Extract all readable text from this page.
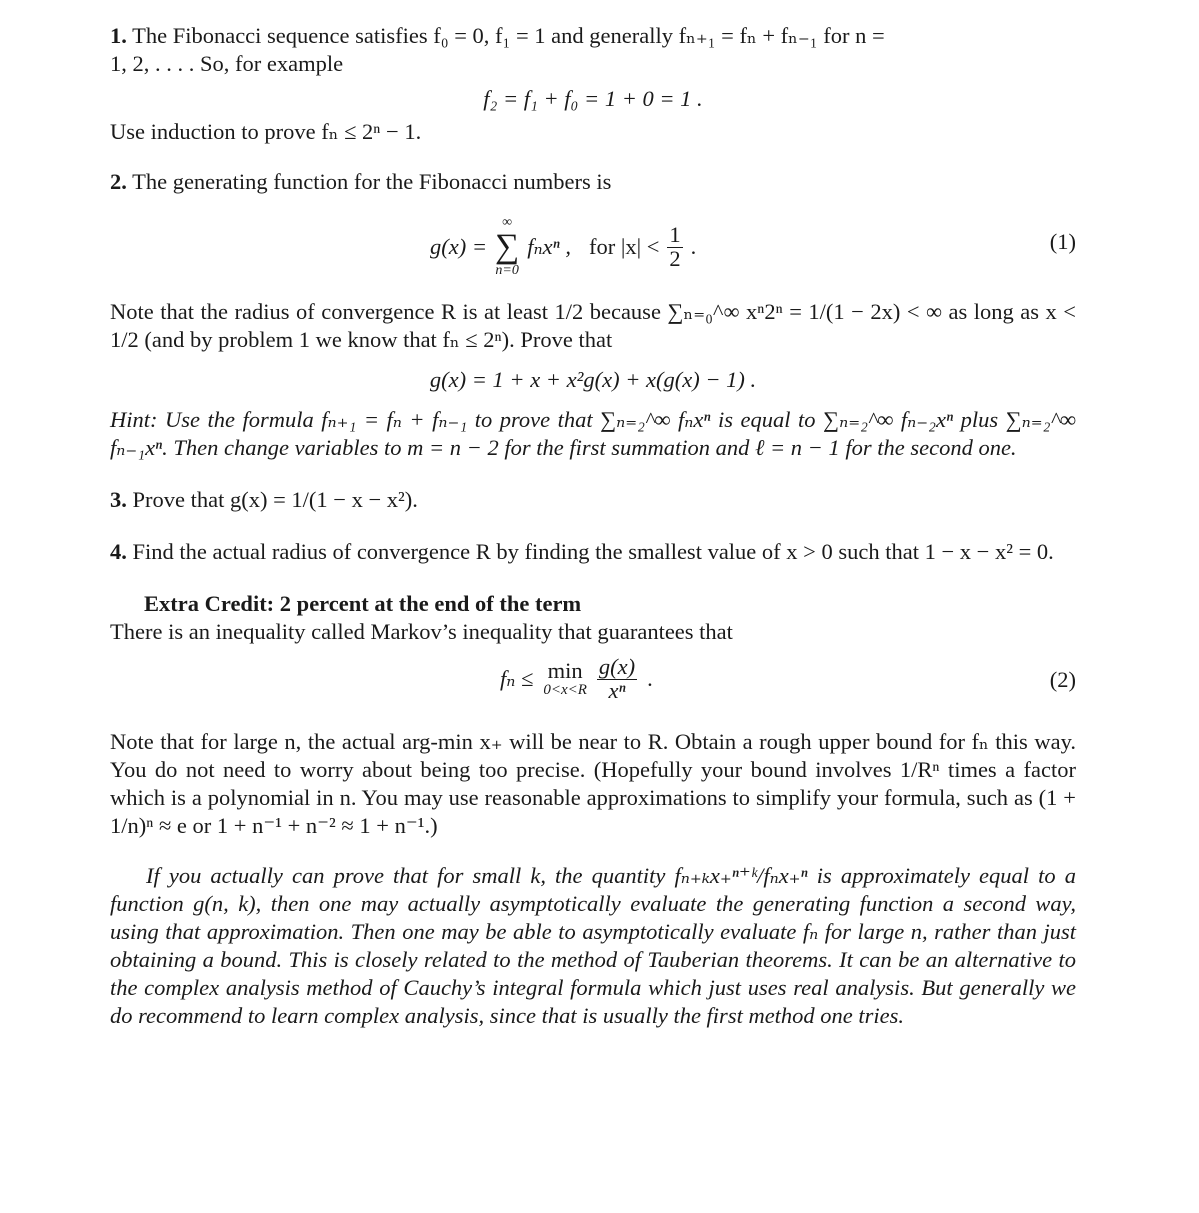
1. The Fibonacci sequence satisfies f₀ = 0, f₁ = 1 and generally fₙ₊₁ = fₙ + fₙ₋₁ for n =
1, 2, . . . . So, for example

f₂ = f₁ + f₀ = 1 + 0 = 1 .

Use induction to prove fₙ ≤ 2ⁿ − 1.

2. The generating function for the Fibonacci numbers is

g(x) =
∞
∑
n=0
fₙxⁿ , for $|x| < \frac{1}{2}$ .	(1)

Note that the radius of convergence R is at least 1/2 because ∑ₙ₌₀^∞ xⁿ2ⁿ = 1/(1 − 2x) < ∞ as long as x < 1/2 (and by problem 1 we know that fₙ ≤ 2ⁿ). Prove that

g(x) = 1 + x + x²g(x) + x(g(x) − 1) .

Hint: Use the formula fₙ₊₁ = fₙ + fₙ₋₁ to prove that ∑ₙ₌₂^∞ fₙxⁿ is equal to ∑ₙ₌₂^∞ fₙ₋₂xⁿ plus ∑ₙ₌₂^∞ fₙ₋₁xⁿ. Then change variables to m = n − 2 for the first summation and ℓ = n − 1 for the second one.

3. Prove that g(x) = 1/(1 − x − x²).

4. Find the actual radius of convergence R by finding the smallest value of x > 0 such that 1 − x − x² = 0.

Extra Credit: 2 percent at the end of the term

There is an inequality called Markov’s inequality that guarantees that

fₙ ≤ min
$0<x<R \frac{g(x)}{\text{xⁿ}}$ .	(2)

Note that for large n, the actual arg-min x₊ will be near to R. Obtain a rough upper bound for fₙ this way. You do not need to worry about being too precise. (Hopefully your bound involves 1/Rⁿ times a factor which is a polynomial in n. You may use reasonable approximations to simplify your formula, such as (1 + 1/n)ⁿ ≈ e or 1 + n⁻¹ + n⁻² ≈ 1 + n⁻¹.)

If you actually can prove that for small k, the quantity fₙ₊ₖx₊ⁿ⁺ᵏ/fₙx₊ⁿ is approximately equal to a function g(n, k), then one may actually asymptotically evaluate the generating function a second way, using that approximation. Then one may be able to asymptotically evaluate fₙ for large n, rather than just obtaining a bound. This is closely related to the method of Tauberian theorems. It can be an alternative to the complex analysis method of Cauchy’s integral formula which just uses real analysis. But generally we do recommend to learn complex analysis, since that is usually the first method one tries.
